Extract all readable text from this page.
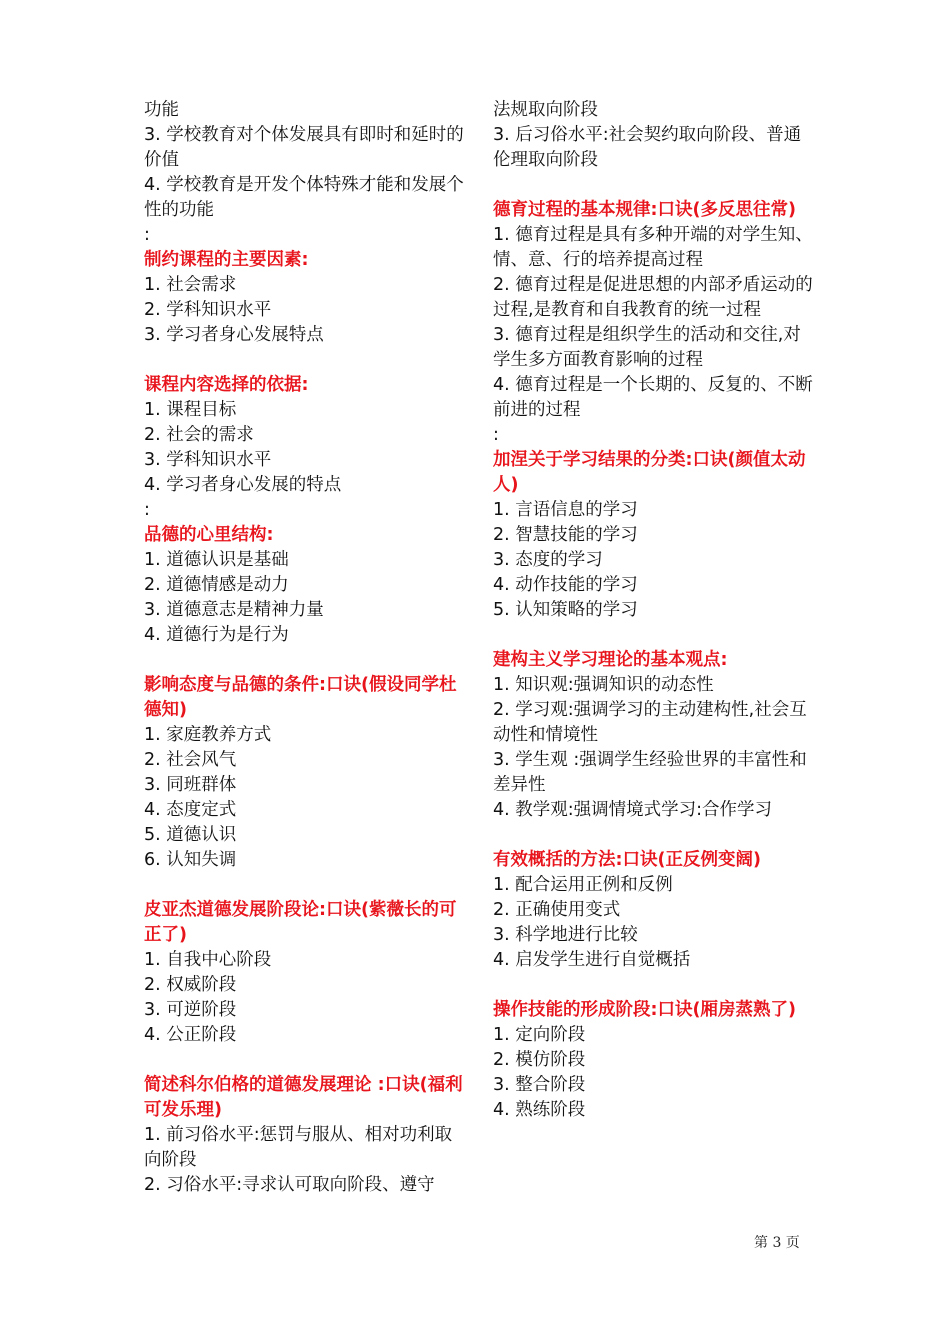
功能
3. 学校教育对个体发展具有即时和延时的价值
4. 学校教育是开发个体特殊才能和发展个性的功能
:
制约课程的主要因素:
1. 社会需求
2. 学科知识水平
3. 学习者身心发展特点
课程内容选择的依据:
1. 课程目标
2. 社会的需求
3. 学科知识水平
4. 学习者身心发展的特点
:
品德的心里结构:
1. 道德认识是基础
2. 道德情感是动力
3. 道德意志是精神力量
4. 道德行为是行为
影响态度与品德的条件:口诀(假设同学杜德知)
1. 家庭教养方式
2. 社会风气
3. 同班群体
4. 态度定式
5. 道德认识
6. 认知失调
皮亚杰道德发展阶段论:口诀(紫薇长的可正了)
1. 自我中心阶段
2. 权威阶段
3. 可逆阶段
4. 公正阶段
简述科尔伯格的道德发展理论 :口诀(福利可发乐理)
1. 前习俗水平:惩罚与服从、相对功利取向阶段
2. 习俗水平:寻求认可取向阶段、遵守
法规取向阶段
3. 后习俗水平:社会契约取向阶段、普通伦理取向阶段
德育过程的基本规律:口诀(多反思往常)
1. 德育过程是具有多种开端的对学生知、情、意、行的培养提高过程
2. 德育过程是促进思想的内部矛盾运动的过程,是教育和自我教育的统一过程
3. 德育过程是组织学生的活动和交往,对学生多方面教育影响的过程
4. 德育过程是一个长期的、反复的、不断前进的过程
:
加涅关于学习结果的分类:口诀(颜值太动人)
1. 言语信息的学习
2. 智慧技能的学习
3. 态度的学习
4. 动作技能的学习
5. 认知策略的学习
建构主义学习理论的基本观点:
1. 知识观:强调知识的动态性
2. 学习观:强调学习的主动建构性,社会互动性和情境性
3. 学生观 :强调学生经验世界的丰富性和差异性
4. 教学观:强调情境式学习:合作学习
有效概括的方法:口诀(正反例变阔)
1. 配合运用正例和反例
2. 正确使用变式
3. 科学地进行比较
4. 启发学生进行自觉概括
操作技能的形成阶段:口诀(厢房蒸熟了)
1. 定向阶段
2. 模仿阶段
3. 整合阶段
4. 熟练阶段
第 3 页
